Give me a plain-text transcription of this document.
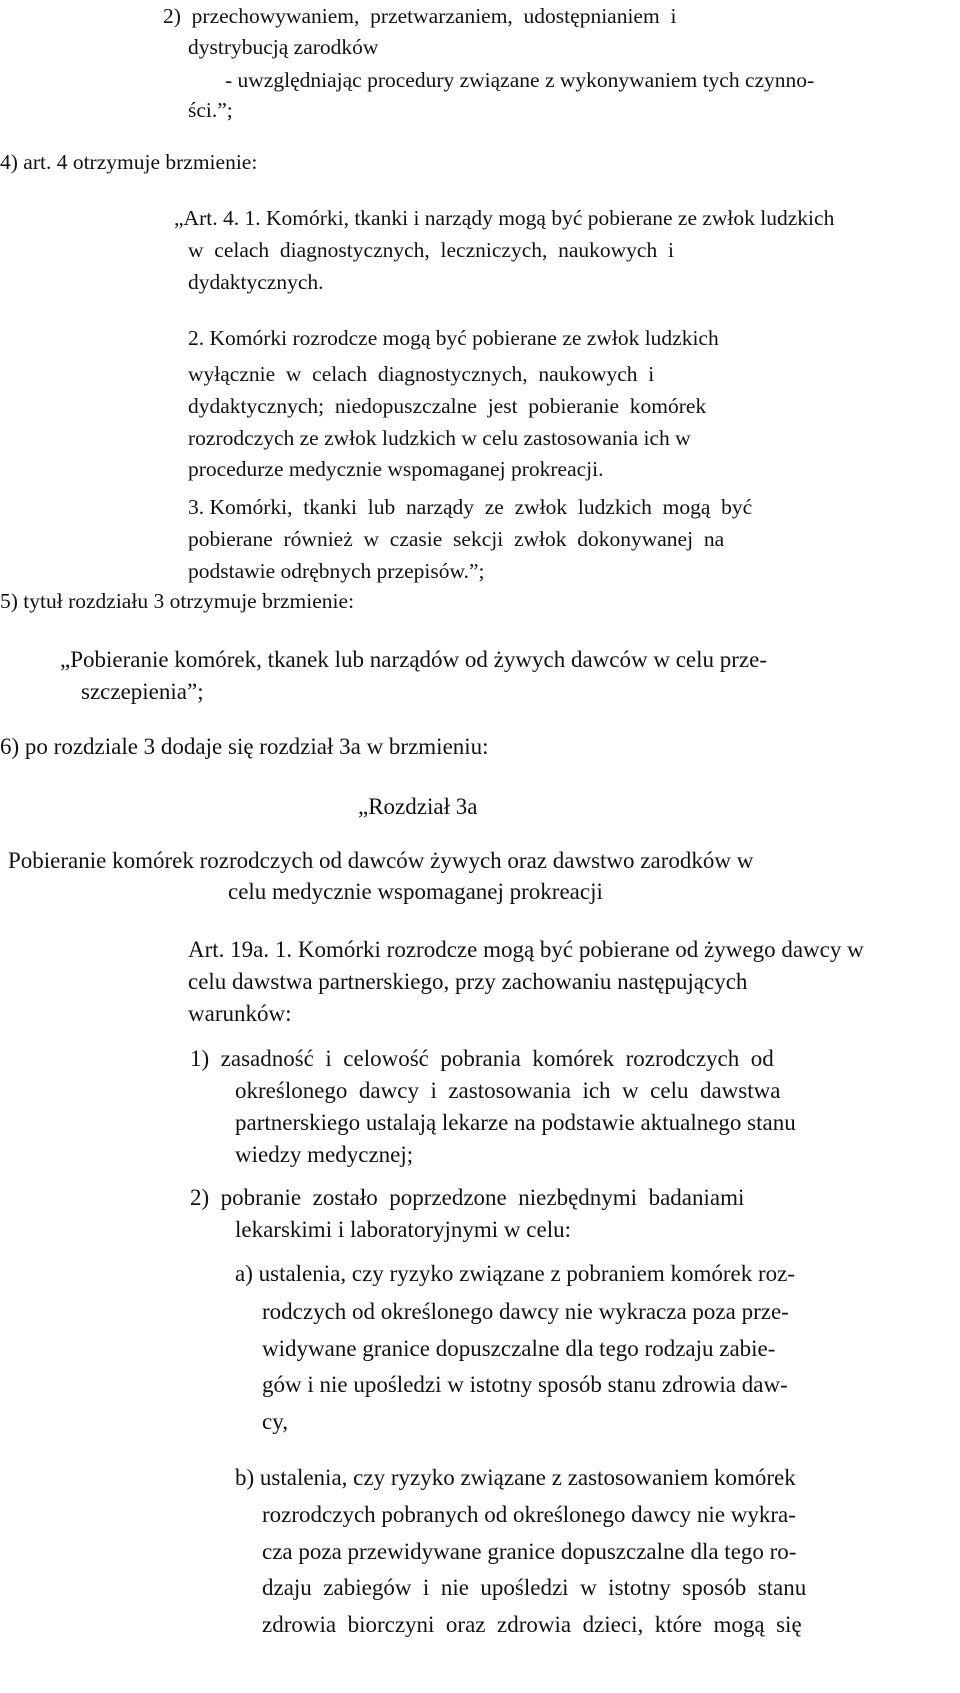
2)  przechowywaniem,  przetwarzaniem,  udostępnianiem  i
dystrybucją zarodków
- uwzględniając procedury związane z wykonywaniem tych czynno-
ści.”;
4) art. 4 otrzymuje brzmienie:
„Art. 4. 1. Komórki, tkanki i narządy mogą być pobierane ze zwłok ludzkich
w  celach  diagnostycznych,  leczniczych,  naukowych  i
dydaktycznych.
2. Komórki rozrodcze mogą być pobierane ze zwłok ludzkich
wyłącznie  w  celach  diagnostycznych,  naukowych  i
dydaktycznych;  niedopuszczalne  jest  pobieranie  komórek
rozrodczych ze zwłok ludzkich w celu zastosowania ich w
procedurze medycznie wspomaganej prokreacji.
3. Komórki,  tkanki  lub  narządy  ze  zwłok  ludzkich  mogą  być
pobierane  również  w  czasie  sekcji  zwłok  dokonywanej  na
podstawie odrębnych przepisów.”;
5) tytuł rozdziału 3 otrzymuje brzmienie:
„Pobieranie komórek, tkanek lub narządów od żywych dawców w celu prze-
szczepienia”;
6) po rozdziale 3 dodaje się rozdział 3a w brzmieniu:
„Rozdział 3a
Pobieranie komórek rozrodczych od dawców żywych oraz dawstwo zarodków w
celu medycznie wspomaganej prokreacji
Art. 19a. 1. Komórki rozrodcze mogą być pobierane od żywego dawcy w
celu dawstwa partnerskiego, przy zachowaniu następujących
warunków:
1)  zasadność  i  celowość  pobrania  komórek  rozrodczych  od
określonego  dawcy  i  zastosowania  ich  w  celu  dawstwa
partnerskiego ustalają lekarze na podstawie aktualnego stanu
wiedzy medycznej;
2)  pobranie  zostało  poprzedzone  niezbędnymi  badaniami
lekarskimi i laboratoryjnymi w celu:
a) ustalenia, czy ryzyko związane z pobraniem komórek roz-
rodczych od określonego dawcy nie wykracza poza prze-
widywane granice dopuszczalne dla tego rodzaju zabie-
gów i nie upośledzi w istotny sposób stanu zdrowia daw-
cy,
b) ustalenia, czy ryzyko związane z zastosowaniem komórek
rozrodczych pobranych od określonego dawcy nie wykra-
cza poza przewidywane granice dopuszczalne dla tego ro-
dzaju  zabiegów  i  nie  upośledzi  w  istotny  sposób  stanu
zdrowia  biorczyni  oraz  zdrowia  dzieci,  które  mogą  się
